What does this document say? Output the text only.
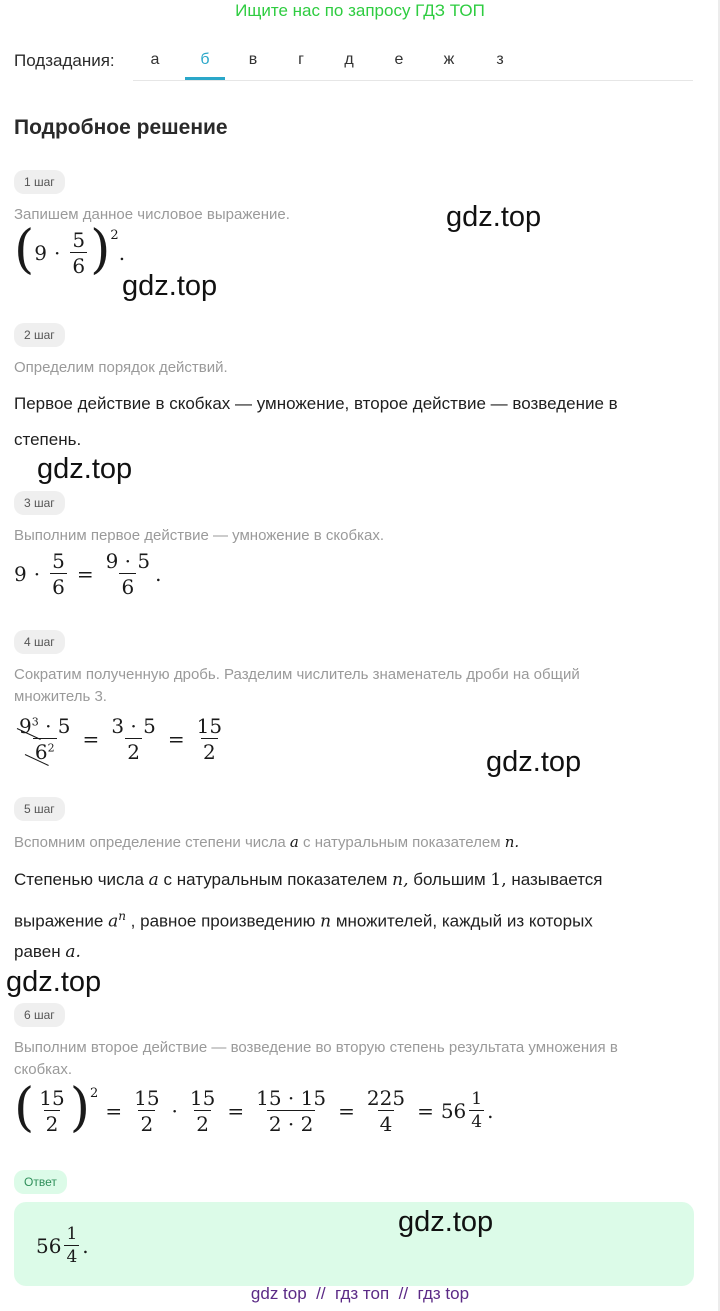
Ищите нас по запросу ГДЗ ТОП
Подзадания:	а	б	в	г	д	е	ж	з
Подробное решение
1 шаг
Запишем данное числовое выражение.
( $9 \cdot \frac{5}{6}$ ) 2
.
2 шаг
Определим порядок действий.
Первое действие в скобках — умножение, второе действие — возведение в
степень.
3 шаг
Выполним первое действие — умножение в скобках.
$9 \cdot \frac{5}{6} = \frac{9 \cdot 5}{6}$ .
4 шаг
Сократим полученную дробь. Разделим числитель знаменатель дроби на общий
множитель 3.
$\frac{9^3 \cdot 5}{6^2} = \frac{3 \cdot 5}{2} = \frac{15}{2}$
5 шаг
Вспомним определение степени числа a с натуральным показателем n.
Степенью числа a с натуральным показателем n, большим 1, называется
выражение $a^n$ , равное произведению n множителей, каждый из которых
равен a.
6 шаг
Выполним второе действие — возведение во вторую степень результата умножения в
скобках.
( $\frac{15}{2}$ ) 2
= $\frac{15}{2} \cdot \frac{15}{2} = \frac{15 \cdot 15}{2 \cdot 2} = \frac{225}{4} = 56 \frac{1}{4}$ .
Ответ
$56 \frac{1}{4}$ .
gdz.top
gdz.top
gdz.top
gdz.top
gdz.top
gdz.top
gdz top // гдз топ // гдз top
